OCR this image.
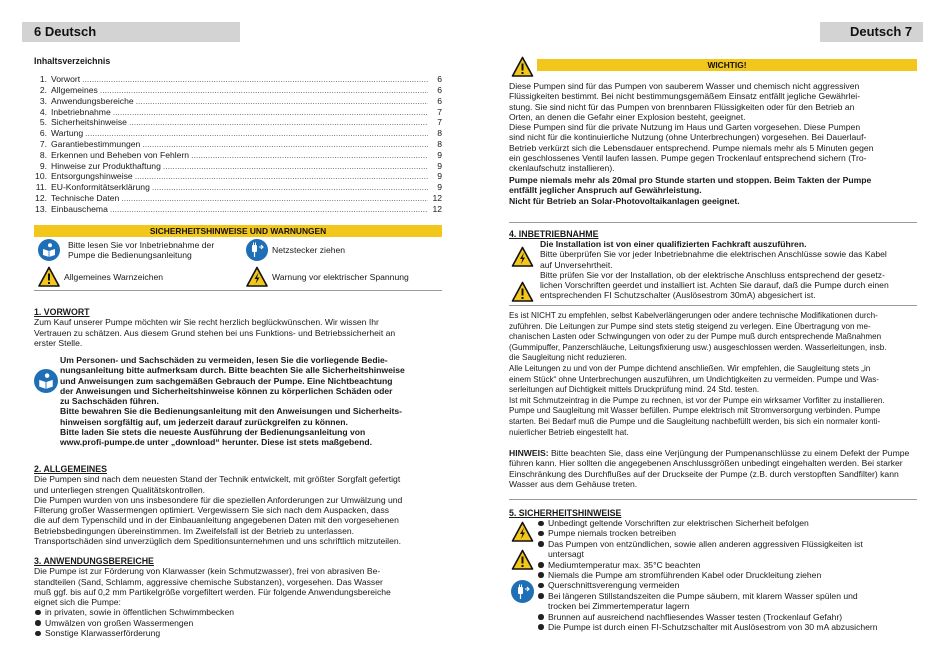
6 Deutsch
Inhaltsverzeichnis
1. Vorwort .....	6
2. Allgemeines .....	6
3. Anwendungsbereiche .....	6
4. Inbetriebnahme .....	7
5. Sicherheitshinweise .....	7
6. Wartung .....	8
7. Garantiebestimmungen .....	8
8. Erkennen und Beheben von Fehlern .....	9
9. Hinweise zur Produkthaftung .....	9
10. Entsorgungshinweise .....	9
11. EU-Konformitätserklärung .....	9
12. Technische Daten .....	12
13. Einbauschema .....	12
SICHERHEITSHINWEISE UND WARNUNGEN
Bitte lesen Sie vor Inbetriebnahme der
Pumpe die Bedienungsanleitung	Netzstecker ziehen
Allgemeines Warnzeichen	Warnung vor elektrischer Spannung
1. VORWORT
Zum Kauf unserer Pumpe möchten wir Sie recht herzlich beglückwünschen. Wir wissen Ihr
Vertrauen zu schätzen. Aus diesem Grund stehen bei uns Funktions- und Betriebssicherheit an
erster Stelle.
Um Personen- und Sachschäden zu vermeiden, lesen Sie die vorliegende Bedie-
nungsanleitung bitte aufmerksam durch. Bitte beachten Sie alle Sicherheitshinweise
und Anweisungen zum sachgemäßen Gebrauch der Pumpe. Eine Nichtbeachtung
der Anweisungen und Sicherheitshinweise können zu körperlichen Schäden oder
zu Sachschäden führen.
Bitte bewahren Sie die Bedienungsanleitung mit den Anweisungen und Sicherheits-
hinweisen sorgfältig auf, um jederzeit darauf zurückgreifen zu können.
Bitte laden Sie stets die neueste Ausführung der Bedienungsanleitung von
www.profi-pumpe.de unter „download“ herunter. Diese ist stets maßgebend.
2. ALLGEMEINES
Die Pumpen sind nach dem neuesten Stand der Technik entwickelt, mit größter Sorgfalt gefertigt
und unterliegen strengen Qualitätskontrollen.
Die Pumpen wurden von uns insbesondere für die speziellen Anforderungen zur Umwälzung und
Filterung großer Wassermengen optimiert. Vergewissern Sie sich nach dem Auspacken, dass
die auf dem Typenschild und in der Einbauanleitung angegebenen Daten mit den vorgesehenen
Betriebsbedingungen übereinstimmen. Im Zweifelsfall ist der Betrieb zu unterlassen.
Transportschäden sind unverzüglich dem Speditionsunternehmen und uns schriftlich mitzuteilen.
3. ANWENDUNGSBEREICHE
Die Pumpe ist zur Förderung von Klarwasser (kein Schmutzwasser), frei von abrasiven Be-
standteilen (Sand, Schlamm, aggressive chemische Substanzen), vorgesehen. Das Wasser
muß ggf. bis auf 0,2 mm Partikelgröße vorgefiltert werden. Für folgende Anwendungsbereiche
eignet sich die Pumpe:
in privaten, sowie in öffentlichen Schwimmbecken
Umwälzen von großen Wassermengen
Sonstige Klarwasserförderung
Deutsch 7
WICHTIG!
Diese Pumpen sind für das Pumpen von sauberem Wasser und chemisch nicht aggressiven
Flüssigkeiten bestimmt. Bei nicht bestimmungsgemäßem Einsatz entfällt jegliche Gewährlei-
stung. Sie sind nicht für das Pumpen von brennbaren Flüssigkeiten oder für den Betrieb an
Orten, an denen die Gefahr einer Explosion besteht, geeignet.
Diese Pumpen sind für die private Nutzung im Haus und Garten vorgesehen. Diese Pumpen
sind nicht für die kontinuierliche Nutzung (ohne Unterbrechungen) vorgesehen. Bei Dauerlauf-
Betrieb verkürzt sich die Lebensdauer entsprechend. Pumpe niemals mehr als 5 Minuten gegen
ein geschlossenes Ventil laufen lassen. Pumpe gegen Trockenlauf entsprechend sichern (Tro-
ckenlaufschutz installieren).
Pumpe niemals mehr als 20mal pro Stunde starten und stoppen. Beim Takten der Pumpe
entfällt jeglicher Anspruch auf Gewährleistung.
Nicht für Betrieb an Solar-Photovoltaikanlagen geeignet.
4. INBETRIEBNAHME
Die Installation ist von einer qualifizierten Fachkraft auszuführen.
Bitte überprüfen Sie vor jeder Inbetriebnahme die elektrischen Anschlüsse sowie das Kabel
auf Unversehrtheit.
Bitte prüfen Sie vor der Installation, ob der elektrische Anschluss entsprechend der gesetz-
lichen Vorschriften geerdet und installiert ist. Achten Sie darauf, daß die Pumpe durch einen
entsprechenden FI Schutzschalter (Auslösestrom 30mA) abgesichert ist.
Es ist NICHT zu empfehlen, selbst Kabelverlängerungen oder andere technische Modifikationen durch-
zuführen. Die Leitungen zur Pumpe sind stets stetig steigend zu verlegen. Eine Übertragung von me-
chanischen Lasten oder Schwingungen von oder zu der Pumpe muß durch entsprechende Maßnahmen
(Gummipuffer, Panzerschläuche, Leitungsfixierung usw.) ausgeschlossen werden. Wasserleitungen, insb.
die Saugleitung nicht reduzieren.
Alle Leitungen zu und von der Pumpe dichtend anschließen. Wir empfehlen, die Saugleitung stets „in
einem Stück“ ohne Unterbrechungen auszuführen, um Undichtigkeiten zu vermeiden. Pumpe und Was-
serleitungen auf Dichtigkeit mittels Druckprüfung mind. 24 Std. testen.
Ist mit Schmutzeintrag in die Pumpe zu rechnen, ist vor der Pumpe ein wirksamer Vorfilter zu installieren.
Pumpe und Saugleitung mit Wasser befüllen. Pumpe elektrisch mit Stromversorgung verbinden. Pumpe
starten. Bei Bedarf muß die Pumpe und die Saugleitung nachbefüllt werden, bis sich ein normaler konti-
nuierlicher Betrieb eingestellt hat.
HINWEIS: Bitte beachten Sie, dass eine Verjüngung der Pumpenanschlüsse zu einem Defekt der Pumpe
führen kann. Hier sollten die angegebenen Anschlussgrößen unbedingt eingehalten werden. Bei starker
Einschränkung des Durchflußes auf der Druckseite der Pumpe (z.B. durch verstopften Sandfilter) kann
Wasser aus dem Gehäuse treten.
5. SICHERHEITSHINWEISE
Unbedingt geltende Vorschriften zur elektrischen Sicherheit befolgen
Pumpe niemals trocken betreiben
Das Pumpen von entzündlichen, sowie allen anderen aggressiven Flüssigkeiten ist
untersagt
Mediumtemperatur max. 35°C beachten
Niemals die Pumpe am stromführenden Kabel oder Druckleitung ziehen
Querschnittsverengung vermeiden
Bei längeren Stillstandszeiten die Pumpe säubern, mit klarem Wasser spülen und
trocken bei Zimmertemperatur lagern
Brunnen auf ausreichend nachfliesendes Wasser testen (Trockenlauf Gefahr)
Die Pumpe ist durch einen FI-Schutzschalter mit Auslösestrom von 30 mA abzusichern
